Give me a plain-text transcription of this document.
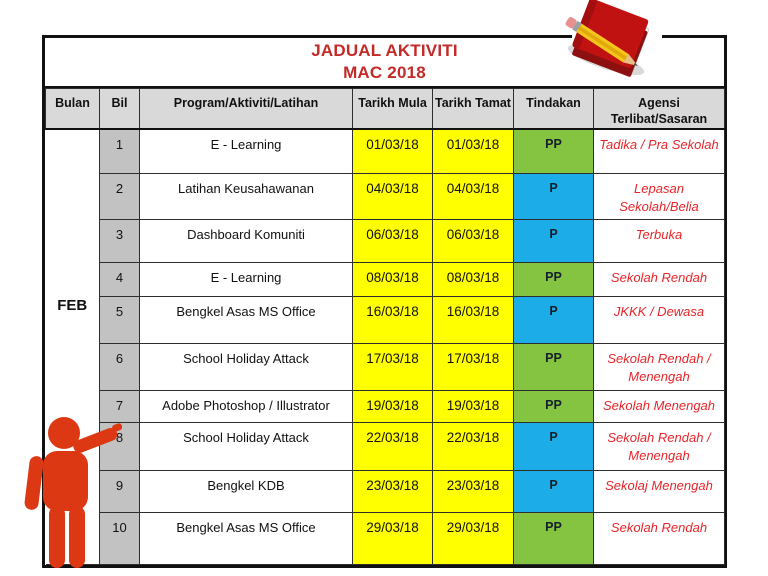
JADUAL AKTIVITI
MAC 2018
Bulan	Bil	Program/Aktiviti/Latihan	Tarikh Mula	Tarikh Tamat	Tindakan	Agensi Terlibat/Sasaran
FEB	1	E - Learning	01/03/18	01/03/18	PP	Tadika / Pra Sekolah
	2	Latihan Keusahawanan	04/03/18	04/03/18	P	Lepasan Sekolah/Belia
	3	Dashboard Komuniti	06/03/18	06/03/18	P	Terbuka
	4	E - Learning	08/03/18	08/03/18	PP	Sekolah Rendah
	5	Bengkel Asas MS Office	16/03/18	16/03/18	P	JKKK / Dewasa
	6	School Holiday Attack	17/03/18	17/03/18	PP	Sekolah Rendah / Menengah
	7	Adobe Photoshop / Illustrator	19/03/18	19/03/18	PP	Sekolah Menengah
	8	School Holiday Attack	22/03/18	22/03/18	P	Sekolah Rendah / Menengah
	9	Bengkel KDB	23/03/18	23/03/18	P	Sekolaj Menengah
	10	Bengkel Asas MS Office	29/03/18	29/03/18	PP	Sekolah Rendah
